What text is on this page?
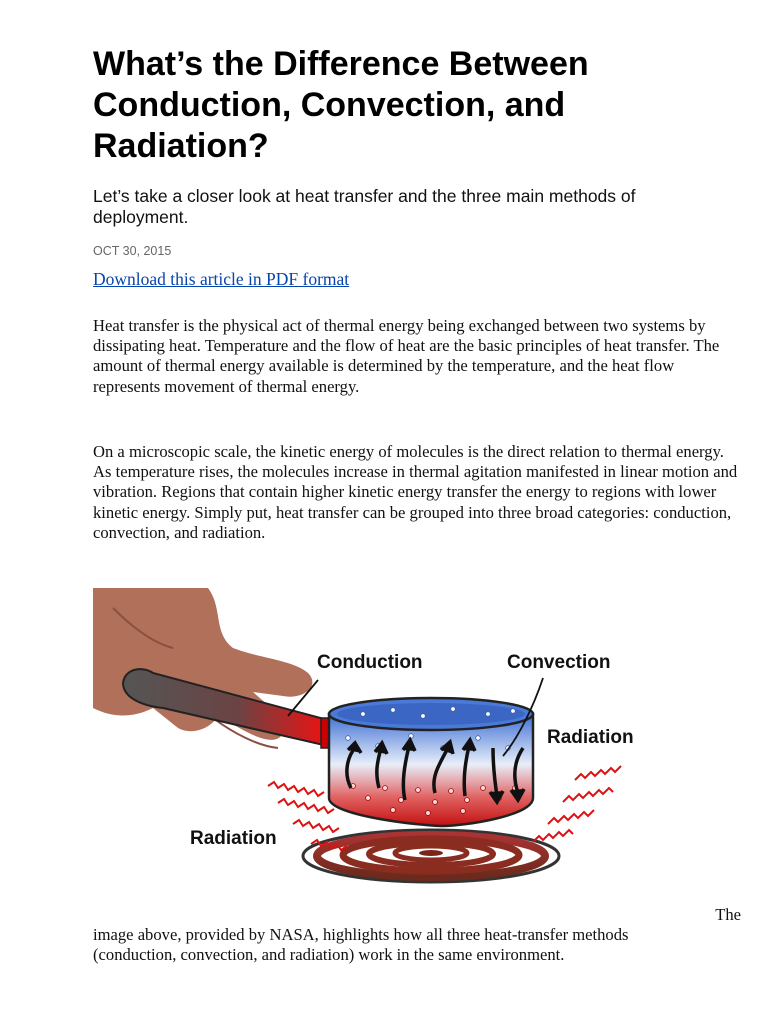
What’s the Difference Between Conduction, Convection, and Radiation?

Let’s take a closer look at heat transfer and the three main methods of deployment.

OCT 30, 2015
Download this article in PDF format

Heat transfer is the physical act of thermal energy being exchanged between two systems by dissipating heat. Temperature and the flow of heat are the basic principles of heat transfer. The amount of thermal energy available is determined by the temperature, and the heat flow represents movement of thermal energy.

On a microscopic scale, the kinetic energy of molecules is the direct relation to thermal energy. As temperature rises, the molecules increase in thermal agitation manifested in linear motion and vibration. Regions that contain higher kinetic energy transfer the energy to regions with lower kinetic energy. Simply put, heat transfer can be grouped into three broad categories: conduction, convection, and radiation.

Conduction	Convection
Radiation
Radiation
The

image above, provided by NASA, highlights how all three heat-transfer methods (conduction, convection, and radiation) work in the same environment.
